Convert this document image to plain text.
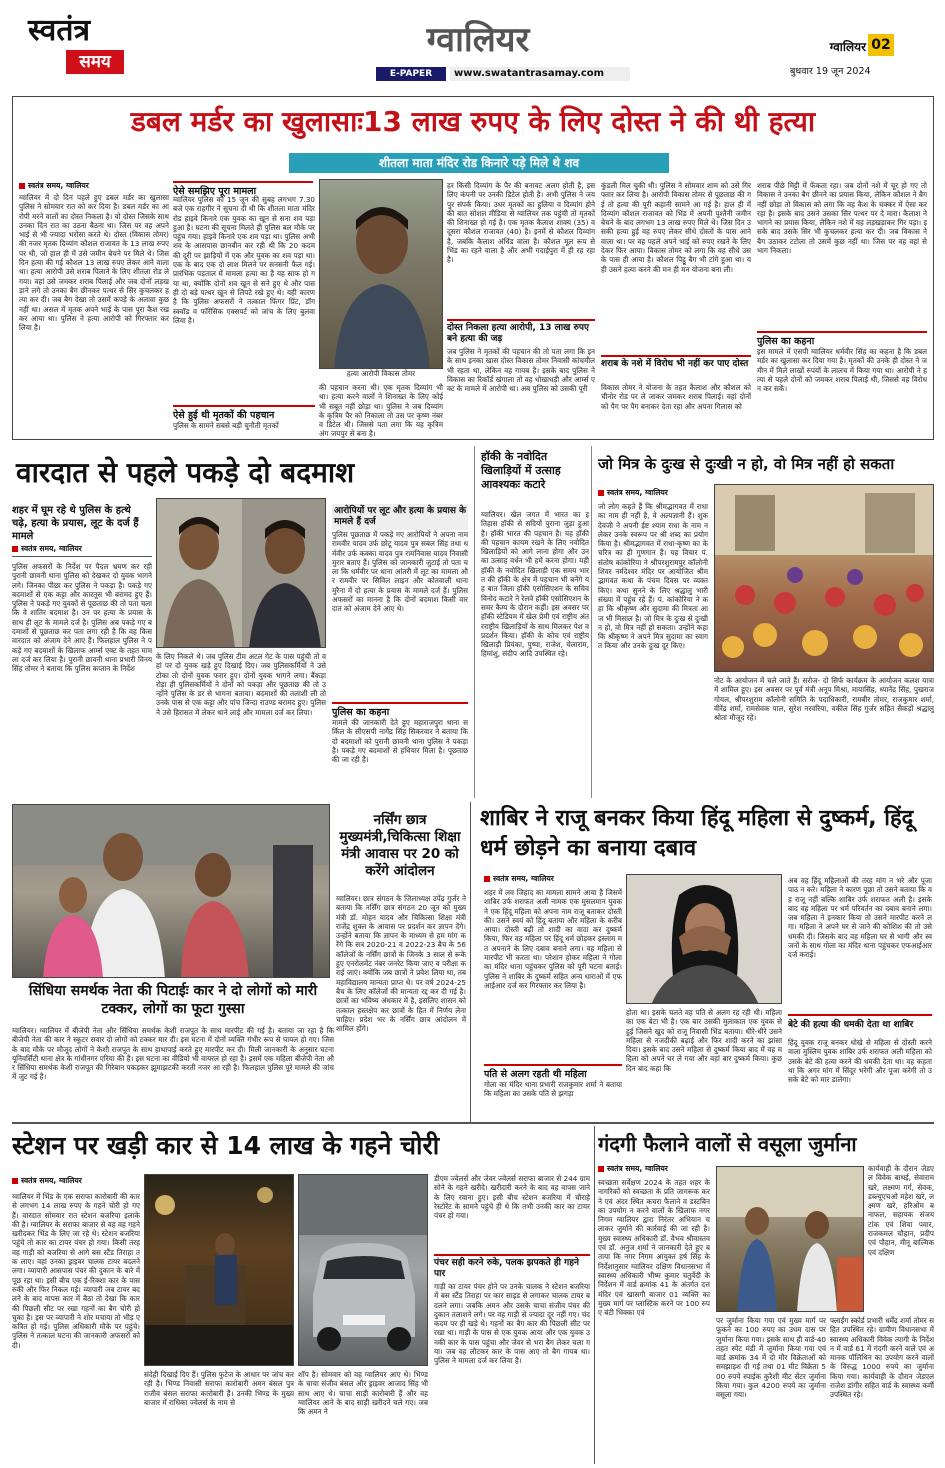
स्वतंत्र
समय
ग्वालियर
E-PAPER	www.swatantrasamay.com
ग्वालियर 02
बुधवार 19 जून 2024
डबल मर्डर का खुलासाः13 लाख रुपए के लिए दोस्त ने की थी हत्या
शीतला माता मंदिर रोड किनारे पड़े मिले थे शव
स्वतंत्र समय, ग्वालियर
ग्वालियर में दो दिन पहले हुए डबल मर्डर का खुलासा पुलिस ने सोमवार रात को कर दिया है। डबल मर्डर का आरोपी मरने वालों का दोस्त निकला है। वो दोस्त जिसके साथ उनका दिन रात का उठना बैठना था। जिस पर वह अपने भाई से भी ज्यादा भरोसा करते थे। दोस्त (विकास तोमर) की नजर मृतक दिव्यांग कौशल राजावत के 13 लाख रुपए पर थी, जो हाल ही में उसे जमीन बेचने पर मिले थे। जिस दिन हत्या की गई कौशल 13 लाख रुपए लेकर आने वाला था। हत्या आरोपी उसे शराब पिलाने के लिए शीतला रोड ले गया। वहां उसे जमकर शराब पिलाई और जब दोनों लड़खड़ाने लगे तो उनका बैग छीनकर पत्थर से सिर कुचलकर हत्या कर दी। जब बैग देखा तो उसमें कपड़े के अलावा कुछ नहीं था। असल में मृतक अपने भाई के पास पूरा कैश रखकर आया था। पुलिस ने हत्या आरोपी को गिरफ्तार कर लिया है।
ऐसे समझिए पूरा मामला
ग्वालियर पुलिस को 15 जून की सुबह लगभग 7.30 बजे एक राहगीर ने सूचना दी थी कि शीतला माता मंदिर रोड हाइवे किनारे एक युवक का खून से सना शव पड़ा हुआ है। घटना की सूचना मिलते ही पुलिस बल मौके पर पहुंच गया। हाइवे किनारे एक शव पड़ा था। पुलिस अभी शव के आसपास छानबीन कर रही थी कि 20 कदम की दूरी पर झाड़ियों में एक और युवक का शव पड़ा था। एक के बाद एक दो लाश मिलने पर सनसनी फैल गई। प्रारंभिक पड़ताल में मामला हत्या का है यह साफ हो गया था, क्योंकि दोनों शव खून से सने हुए थे और पास ही दो बड़े पत्थर खून से लिपटे रखे हुए थे। यही कारण है कि पुलिस अफसरों ने तत्काल फिंगर प्रिंट, डॉग स्क्वॉड व फॉरेंसिक एक्सपर्ट को जांच के लिए बुलवा लिया है।
ऐसे हुई थी मृतकों की पहचान
पुलिस के सामने सबसे बड़ी चुनौती मृतकों
हत्या आरोपी विकास तोमर
की पहचान करना थी। एक मृतक दिव्यांग भी था। हत्या करने वालों ने शिनाख्त के लिए कोई भी सबूत नहीं छोड़ा था। पुलिस ने जब दिव्यांग के कृत्रिम पैर को निकाला तो उस पर कृष्ण नंबर व डिटेल थी। जिससे पता लगा कि यह कृत्रिम अंग जयपुर से बना है।
हर किसी दिव्यांग के पैर की बनावट अलग होती है, इसलिए कंपनी पर उनकी डिटेल होती है। अभी पुलिस ने जयपुर संपर्क किया। उधर मृतकों का हुलिया व दिव्यांग होने की बात सोशल मीडिया से ग्वालियर तक पहुंची तो मृतकों की शिनाख्त हो गई है। एक मृतक कैलाश शाक्य (35) व दूसरा कौशल राजावत (40) है। इनमें से कौशल दिव्यांग है, जबकि कैलाश अंधिंड वाला है। कौशल मूल रूप से भिंड का रहने वाला है और अभी गदाईपुरा में ही रह रहा है।
दोस्त निकला हत्या आरोपी, 13 लाख रुपए बने हत्या की जड़
जब पुलिस ने मृतकों की पहचान की तो पता लगा कि इनके साथ इनका खास दोस्त विकास तोमर निवासी कांचमील भी रहता था, लेकिन वह गायब है। इसके बाद पुलिस ने विकास का रिकॉर्ड खंगाला तो वह धोखाधड़ी और आर्म्स एक्ट के मामले में आरोपी था। अब पुलिस को उसकी पूरी
कुंडली मिल चुकी थी। पुलिस ने सोमवार शाम को उसे गिरफ्तार कर लिया है। आरोपी विकास तोमर से पूछताछ की गई तो हत्या की पूरी कहानी सामने आ गई है। हाल ही में दिव्यांग कौशल राजावत को भिंड में अपनी पुश्तैनी जमीन बेचने के बाद लगभग 13 लाख रुपए मिले थे। जिस दिन उसकी हत्या हुई वह रुपए लेकर सीधे दोस्तों के पास आने वाला था। पर वह पहले अपने भाई को रुपए रखने के लिए देकर फिर आया। विकास तोमर को लगा कि वह सीधे उसके पास ही आया है। कौशल पिट्ठू बैग भी टांगे हुआ था। यही उसने हत्या करने की मन ही मन योजना बना ली।
शराब के नशे में विरोध भी नहीं कर पाए दोस्त
विकास तोमर ने योजना के तहत कैलाश और कौशल को चीनोर रोड पर ले जाकर जमकर शराब पिलाई। वहां दोनों को पैग पर पैग बनाकर देता रहा और अपना गिलास को
शराब पीछे मिट्टी में फेंकता रहा। जब दोनों नशे में चूर हो गए तो विकास ने उनका बैग छीनने का प्रयास किया, लेकिन कौशल ने बैग नहीं छोड़ा तो विकास को लगा कि वह कैश के चक्कर में ऐसा कर रहा है। इसके बाद उसने उसका सिर पत्थर पर दे मारा। कैलाश ने भागने का प्रयास किया, लेकिन नशे में वह लड़खड़ाकर गिर पड़ा। इसके बाद उसके सिर भी कुचलकर हत्या कर दी। जब विकास ने बैग उठाकर टटोला तो उसमें कुछ नहीं था। जिस पर वह वहां से भाग निकला।
पुलिस का कहना
इस मामले में एसपी ग्वालियर धर्मवीर सिंह का कहना है कि डबल मर्डर का खुलासा कर दिया गया है। मृतकों की उनके ही दोस्त ने जमीन में मिले लाखों रुपयों के लालच में किया गया था। आरोपी ने हत्या से पहले दोनों को जमकर शराब पिलाई थी, जिससे वह विरोध न कर सकें।
वारदात से पहले पकड़े दो बदमाश
शहर में घूम रहे थे पुलिस के हत्थे चढ़े, हत्या के प्रयास, लूट के दर्ज हैं मामले
स्वतंत्र समय, ग्वालियर
पुलिस अफसरों के निर्देश पर पैदल भ्रमण कर रही पुरानी छावनी थाना पुलिस को देखकर दो युवक भागने लगे। जिनका पीछा कर पुलिस ने पकड़ा है। पकड़े गए बदमाशों से एक कट्टा और कारतूस भी बरामद हुए हैं। पुलिस ने पकड़े गए युवकों से पूछताछ की तो पता चला कि वे शातिर बदमाश है। उन पर हत्या के प्रयास के साथ ही लूट के मामले दर्ज है। पुलिस अब पकड़े गए बदमाशों से पूछताछ कर पता लगा रही है कि वह किस वारदात को अंजाम देने आए हैं। फिलहाल पुलिस ने पकड़े गए बदमाशों के खिलाफ आर्म्स एक्ट के तहत मामला दर्ज कर लिया है। पुरानी छावनी थाना प्रभारी विनय सिंह तोमर ने बताया कि पुलिस कप्तान के निर्देश
के लिए निकले थे। जब पुलिस टीम अटल गेट के पास पहुंची तो वहां पर दो युवक खड़े हुए दिखाई दिए। जब पुलिसकर्मियों ने उसे टोका तो दोनों युवक फरार हुए। दोनों युवक भागने लगा। बैंकड़ा रोड़ा ही पुलिसकर्मियों ने दोनों को पकड़ा और पूछताछ की तो उन्होंने पुलिस के डर से भागना बताया। बदमाशों की तलाशी ली तो उनके पास से एक कट्टा और पांच जिन्दा राउण्ड बरामद हुए। पुलिस ने उसे हिरासत में लेकर थाने लाई और मामला दर्ज कर लिया।
आरोपियों पर लूट और हत्या के प्रयास के मामले हैं दर्ज
पुलिस पूछताछ में पकड़े गए आरोपियों ने अपना नाम रामवीर यादव उर्फ छोटू यादव पुत्र सबल सिंह तथा धर्मवीर उर्फ कक्का यादव पुत्र रामनिवास यादव निवासी मुरार बताए हैं। पुलिस को जानकारी जुटाई तो पता चला कि धर्मवीर पर थाना आंतरी में लूट का मामला और रामवीर पर सिविल लाइन और कोतवाली थाना मुरैना में दो हत्या के प्रयास के मामले दर्ज हैं। पुलिस अफसरों का मानना है कि दोनों बदमाश किसी वारदात को अंजाम देने आए थे।
पुलिस का कहना
मामले की जानकारी देते हुए महाराजपुरा थाना सर्किल के सीएसपी नागेंद्र सिंह सिकरवार ने बताया कि दो बदमाशों को पुरानी छावनी थाना पुलिस ने पकड़ा है। पकड़े गए बदमाशों से हथियार मिला है। पूछताछ की जा रही है।
हॉकी के नवोदित खिलाड़ियों में उत्साह आवश्यकः कटारे
ग्वालियर। खेल जगत में भारत का इतिहास हॉकी से सदियों पुराना जुड़ा हुआ है। हॉकी भारत की पहचान है। यह हॉकी की पहचान कायम रखने के लिए नवोदित खिलाड़ियों को आगे लाना होगा और उनका उत्साह वर्धन भी हमें करना होगा। यही हॉकी के नवोदित खिलाड़ी एक समय भारत की हॉकी के क्षेत्र में पहचान भी बनेंगे यह बात जिला हॉकी एसोसिएशन के सचिव विनोद कटारे ने रेलवे हॉकी एसोसिएशन के समर कैम्प के दौरान कहीं। इस अवसर पर हॉकी स्टेडियम में खेल प्रेमी एवं राष्ट्रीय अंतरराष्ट्रीय खिलाड़ियों के साथ मिलकर पेश व प्रदर्शन किया। हॉकी के कोच एवं राष्ट्रीय खिलाड़ी प्रियंका, पुष्पा, राजेश, चेलाराम, हिमांशु, संदीप आदि उपस्थित रहे।
जो मित्र के दुःख से दुःखी न हो, वो मित्र नहीं हो सकता
स्वतंत्र समय, ग्वालियर
जो लोग कहते हैं कि श्रीमद्भागवत में राधा का नाम ही नहीं है, वे अल्पज्ञानी हैं। शुकदेवजी ने अपनी ईष्ट श्याम राधा के नाम न लेकर उनके स्वरूप पर श्री शब्द का प्रयोग किया है। श्रीमद्भागवत में राधा-कृष्ण का के चरित्र का ही गुणगान हैं। यह विचार पं. संतोष कांकोरिया ने श्रीपरशुरामपुर कॉलोनी शिवर नर्मदेश्वर मंदिर पर आयोजित श्रीमद्भागवत कथा के पंचम दिवस पर व्यक्त किए। कथा सुनने के लिए श्रद्धालु भारी संख्या में पहुंच रहे हैं। पं. कांकोरिया ने कहा कि श्रीकृष्ण और सुदामा की मित्रता आज भी मिसाल है। जो मित्र के दुःख से दुःखी न हो, वो मित्र नहीं हो सकता। उन्होंने कहा कि श्रीकृष्ण ने अपने मित्र सुदामा का स्वागत किया और उनके दुःख दूर किए।
नोट के आयोजन में चले जाते हैं। सरोज- दो सिर्फ कार्यक्रम के आयोजन कलश यात्रा में शामिल हुए। इस अवसर पर पूर्व मंत्री अनूप मिश्रा, मायासिंह, ध्यानेंद्र सिंह, पुखराज गोयल, श्रीपरशुराम कॉलोनी समिति के पदाधिकारी, रामबीर तोमर, राजकुमार शर्मा, वीरेंद्र शर्मा, रामसेवक पाल, सुरेश नरवरिया, वकील सिंह गुर्जर सहित सैकड़ों श्रद्धालु श्रोता मौजूद रहे।
नर्सिंग छात्र मुख्यमंत्री,चिकित्सा शिक्षा मंत्री आवास पर 20 को करेंगे आंदोलन
ग्वालियर। छात्र संगठन के जिलाध्यक्ष उपेंद्र गुर्जर ने बताया कि नर्सिंग छात्र संगठन 20 जून को मुख्यमंत्री डॉ. मोहन यादव और चिकित्सा शिक्षा मंत्री राजेंद्र शुक्ल के आवास पर प्रदर्शन कर ज्ञापन देंगे। उन्होंने बताया कि ज्ञापन के माध्यम से हम मांग करेंगे कि सत्र 2020-21 व 2022-23 बैच के 56 कॉलेजों के नर्सिंग छात्रों के जिनके 3 साल से रूके हुए एनरोलमेंट नंबर जनरेट किया जाए व परीक्षा कराई जाएं। क्योंकि जब छात्रों ने प्रवेश लिया था, तब महाविद्यालय मान्यता प्राप्त थे। पर वर्ष 2024-25 बैच के लिए कॉलेजों की मान्यता रद्द कर दी गई है। छात्रों का भविष्य अंधकार में है, इसलिए शासन को तत्काल हस्तक्षेप कर छात्रों के हित में निर्णय लेना चाहिए। प्रदेश भर के नर्सिंग छात्र आंदोलन में शामिल होंगे।
सिंधिया समर्थक नेता की पिटाईः कार ने दो लोगों को मारी टक्कर, लोगों का फूटा गुस्सा
ग्वालियर। ग्वालियर में बीजेपी नेता और सिंधिया समर्थक केशी राजपूत के साथ मारपीट की गई है। बताया जा रहा है कि बीजेपी नेता की कार ने स्कूटर सवार दो लोगों को टक्कर मार दी। इस घटना में दोनों व्यक्ति गंभीर रूप से घायल हो गए। जिसके बाद मौके पर मौजूद लोगों ने केशी राजपूत के साथ हाथापाई करते हुए मारपीट कर दी। मिली जानकारी के अनुसार घटना यूनिवर्सिटी थाना क्षेत्र के गांधीनगर एरिया की है। इस घटना का वीडियो भी वायरल हो रहा है। इसमें एक महिला बीजेपी नेता और सिंधिया समर्थक केशी राजपूत की गिरेबान पकड़कर झूमाझटकी करती नजर आ रही है। फिलहाल पुलिस पूरे मामले की जांच में जुट गई है।
शाबिर ने राजू बनकर किया हिंदू महिला से दुष्कर्म, हिंदू धर्म छोड़ने का बनाया दबाव
स्वतंत्र समय, ग्वालियर
शहर में लव जिहाद का मामला सामने आया है जिसमें शाबिर उर्फ शराफत अली नामक एक मुसलमान युवक ने एक हिंदू महिला को अपना नाम राजू बताकर दोस्ती की। उसने स्वयं को हिंदू बताया और महिला के करीब आया। दोस्ती बढ़ी तो शादी का वादा कर दुष्कर्म किया, फिर वह महिला पर हिंदू धर्म छोड़कर इस्लाम मत अपनाने के लिए दबाव बनाने लगा। वह महिला से मारपीट भी करता था। परेशान होकर महिला ने गोला का मंदिर थाना पहुंचकर पुलिस को पूरी घटना बताई। पुलिस ने शाबिर के दुष्कर्म सहित अन्य धाराओं में एफआईआर दर्ज कर गिरफ्तार कर लिया है।
पति से अलग रहती थी महिला
गोला का मंदिर थाना प्रभारी राजकुमार शर्मा ने बताया कि महिला का उसके पति से झगड़ा
होता था। इसके चलते वह पति से अलग रह रही थी। महिला का एक बेटा भी है। एक बार उसकी मुलाकात एक युवक से हुई जिसने खुद को राजू निवासी भिंड बताया। धीरे-धीरे उसने महिला से नजदीकी बढ़ाई और फिर शादी करने का झांसा दिया। इसके बाद उसने महिला से दुष्कर्म किया बाद में वह महिला को अपने घर ले गया और वहां बार दुष्कर्म किया। कुछ दिन बाद कहा कि
अब वह हिंदू महिलाओं की तरह मांग न भरे और पूजा पाठ न करे। महिला ने कारण पूछा तो उसने बताया कि वह राजू नहीं बल्कि शाबिर उर्फ शराफत अली है। इसके बाद वह महिला पर धर्म परिवर्तन का दबाव बनाने लगा। जब महिला ने इनकार किया तो उसने मारपीट करने लगा। महिला ने अपने घर से जाने की कोशिश की तो उसे धमकी दी। जिसके बाद वह महिला घर से भागी और स्वजनों के साथ गोला का मंदिर थाना पहुंचकर एफआईआर दर्ज कराई।
बेटे की हत्या की धमकी देता था शाबिर
हिंदू युवक राजू बनकर धोखे से महिला से दोस्ती करने वाला मुस्लिम युवक शाबिर उर्फ शराफत अली महिला को उसके बेटे की हत्या करने की धमकी देता था। वह कहता था कि अगर मांग में सिंदूर भरेगी और पूजा करेगी तो उसके बेटे को मार डालेगा।
स्टेशन पर खड़ी कार से 14 लाख के गहने चोरी
स्वतंत्र समय, ग्वालियर
ग्वालियर में भिंड के एक सराफा कारोबारी की कार से लगभग 14 लाख रुपए के गहने चोरी हो गए हैं। वारदात सोमवार रात स्टेशन बजरिया इलाके की है। ग्वालियर के सराफा बाजार से वह वह गहने खरीदकर भिंड के लिए जा रहे थे। स्टेशन बजरिया पहुंचे तो कार का टायर पंचर हो गया। किसी तरह वह गाड़ी को बजरिया से आगे बस स्टैंड तिराहा तक लाए। वहां उनका ड्राइवर चालक टायर बदलने लगा। व्यापारी आसपास पंचर की दुकान के बारे में पूछ रहा था। इसी बीच एक ई-रिक्शा कार के पास रुकी और फिर निकल गई। व्यापारी जब टायर बदलने के बाद वापस कार में बैठा तो देखा कि कार की पिछली सीट पर रखा गहनों का बैग चोरी हो चुका है। इस पर व्यापारी ने शोर मचाया तो भीड़ एकत्रित हो गई। पुलिस अधिकारी मौके पर पहुंचे। पुलिस ने तत्काल घटना की जानकारी अफसरों को दी।
संदेही दिखाई दिए हैं। पुलिस फुटेज के आधार पर जांच कर रही है। भिण्ड निवासी सराफा कारोबारी अमन बंसल पुत्र राजीव बंसल सराफा कारोबारी हैं। उनकी भिण्ड के मुख्य बाजार में राधिका ज्वेलर्स के नाम से
शॉप है। सोमवार को वह ग्वालियर आए थे। भिण्ड के चाचा संजीव बंसल और ड्राइवर आजाद सिंह भी साथ आए थे। चाचा साड़ी कारोबारी हैं और वह ग्वालियर आने के बाद साड़ी खरीदने चले गए। जबकि अमन ने
डीएम ज्वेलर्स और जेवर ज्वेलर्स सराफा बाजार से 244 ग्राम सोने के गहने खरीदे। खरीदारी करने के बाद वह वापस जाने के लिए रवाना हुए। इसी बीच स्टेशन बजरिया में चौराहे रेस्टोरेंट के सामने पहुंचे ही थे कि तभी उनकी कार का टायर पंचर हो गया।
पंचर सही करने रुके, पलक झपकते ही गहने पार
गाड़ी का टायर पंचर होने पर उनके चालक ने स्टेशन बजरिया में बस स्टैंड तिराहा पर कार साइड से लगाकर चालक टायर बदलने लगा। जबकि अमन और उसके चाचा संजीव पंचर की दुकान तलाशने लगे। पर वह गाड़ी से ज्यादा दूर नहीं गए। चंद कदम पर ही खड़े थे। गहनों का बैग कार की पिछली सीट पर रखा था। गाड़ी के पास से एक युवक आया और एक युवक उनकी कार के पास पहुंचा और जेवर से भरा बैग लेकर चला गया। जब वह लौटकर कार के पास आए तो बैग गायब था। पुलिस ने मामला दर्ज कर लिया है।
गंदगी फैलाने वालों से वसूला जुर्माना
स्वतंत्र समय, ग्वालियर
स्वच्छता सर्वेक्षण 2024 के तहत शहर के नागरिकों को स्वच्छता के प्रति जागरूक करने एवं अंदर स्थित कचरा फैलाने व डस्टबिन का उपयोग न करने वालों के खिलाफ नगर निगम ग्वालियर द्वारा निरंतर अभियान चलाकर जुर्माने की कार्रवाई की जा रही है। मुख्य स्वास्थ्य अधिकारी डॉ. वैभव श्रीवास्तव एवं डॉ. अनुज शर्मा ने जानकारी देते हुए बताया कि नगर निगम आयुक्त हर्ष सिंह के निर्देशानुसार ग्वालियर दक्षिण विधानसभा में स्वास्थ्य अधिकारी भीष्म कुमार चतुर्वेदी के निर्देशन में वार्ड क्रमांक 41 के अंतर्गत दत्त मंदिर एवं खासगी बाजार 01 व्यक्ति का मुख्य मार्ग पर प्लास्टिक करने पर 100 रुपए बंटी भिक्का एवं
पर जुर्माना किया गया एवं मुख्य मार्ग पर फूकने का 100 रुपए का उधम दास पर जुर्माना किया गया। इसके साथ ही वार्ड-40 तहत स्पेट मंडी में जुर्माना किया गया एवं वार्ड क्रमांक 34 में दो मौर विक्रेताओं को समझाइश दी गई तथा 01 मीट विक्रेता 500 रुपये स्पाईक कुरैशी मीट सेंटर जुर्माना किया गया। कुल 4200 रुपये का जुर्माना वसूला गया।
फ्लाईंग स्कोर्ड प्रभारी धर्मेंद्र शर्मा तोमर सहित उपस्थित रहे। ग्रामीण विधानसभा में स्वास्थ्य अधिकारी विवेक त्यागी के निर्देशन में वार्ड 61 में गंदगी करने वाले एवं अमानक पॉलिथिन का उपयोग करने वालों के विरुद्ध 1000 रुपये का जुर्माना किया गया। कार्यवाही के दौरान जेडएल राजेश डांगीर सहित वार्ड के स्वास्थ्य कर्मी उपस्थित रहे।
कार्यवाही के दौरान जेडएल विवेक बाथई, सेवाराम खरे, लक्ष्मण गर्ग, सेवक, डब्ल्यूएचओ महेश खरे, लक्ष्मण खरे, हरिओम बनाफल, सहायक संजय टांक एवं शिवा पवार, राजकमल चौहान, प्रदीप एवं पौहान, मीनू बाल्मिक एवं दक्षिण
